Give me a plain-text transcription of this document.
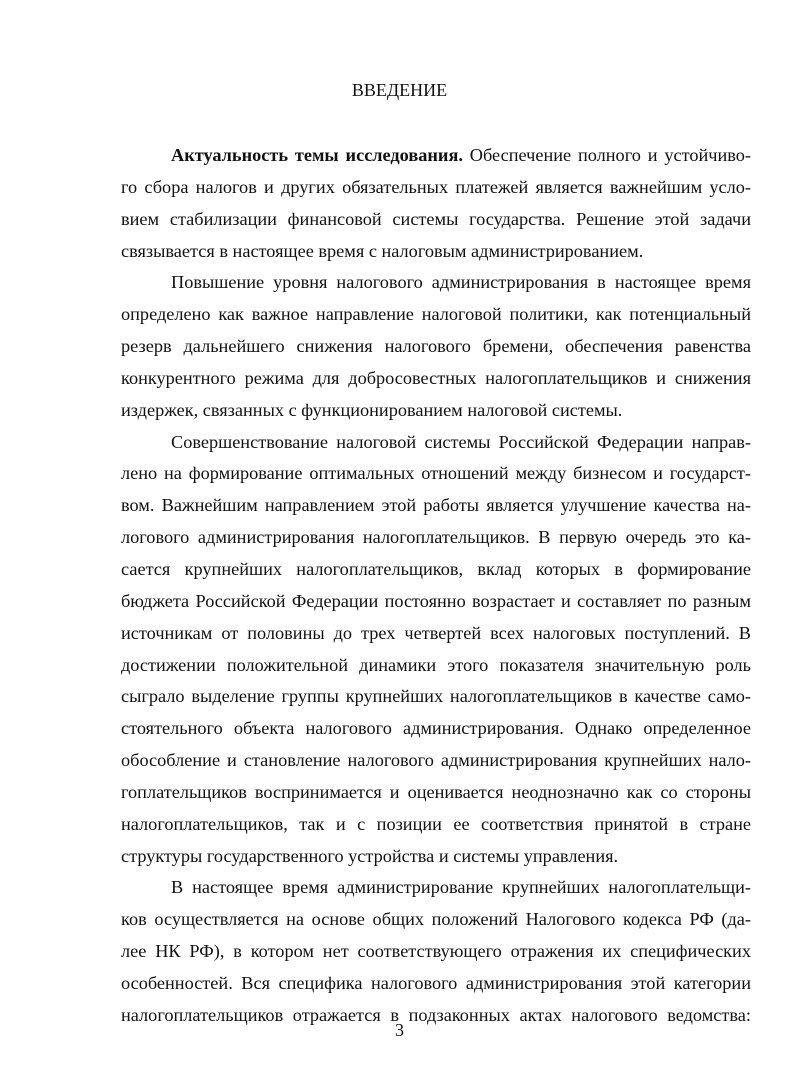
ВВЕДЕНИЕ
Актуальность темы исследования. Обеспечение полного и устойчиво-
го сбора налогов и других обязательных платежей является важнейшим усло-
вием стабилизации финансовой системы государства. Решение этой задачи
связывается в настоящее время с налоговым администрированием.
Повышение уровня налогового администрирования в настоящее время
определено как важное направление налоговой политики, как потенциальный
резерв дальнейшего снижения налогового бремени, обеспечения равенства
конкурентного режима для добросовестных налогоплательщиков и снижения
издержек, связанных с функционированием налоговой системы.
Совершенствование налоговой системы Российской Федерации направ-
лено на формирование оптимальных отношений между бизнесом и государст-
вом. Важнейшим направлением этой работы является улучшение качества на-
логового администрирования налогоплательщиков. В первую очередь это ка-
сается крупнейших налогоплательщиков, вклад которых в формирование
бюджета Российской Федерации постоянно возрастает и составляет по разным
источникам от половины до трех четвертей всех налоговых поступлений. В
достижении положительной динамики этого показателя значительную роль
сыграло выделение группы крупнейших налогоплательщиков в качестве само-
стоятельного объекта налогового администрирования. Однако определенное
обособление и становление налогового администрирования крупнейших нало-
гоплательщиков воспринимается и оценивается неоднозначно как со стороны
налогоплательщиков, так и с позиции ее соответствия принятой в стране
структуры государственного устройства и системы управления.
В настоящее время администрирование крупнейших налогоплательщи-
ков осуществляется на основе общих положений Налогового кодекса РФ (да-
лее НК РФ), в котором нет соответствующего отражения их специфических
особенностей. Вся специфика налогового администрирования этой категории
налогоплательщиков отражается в подзаконных актах налогового ведомства:
3
